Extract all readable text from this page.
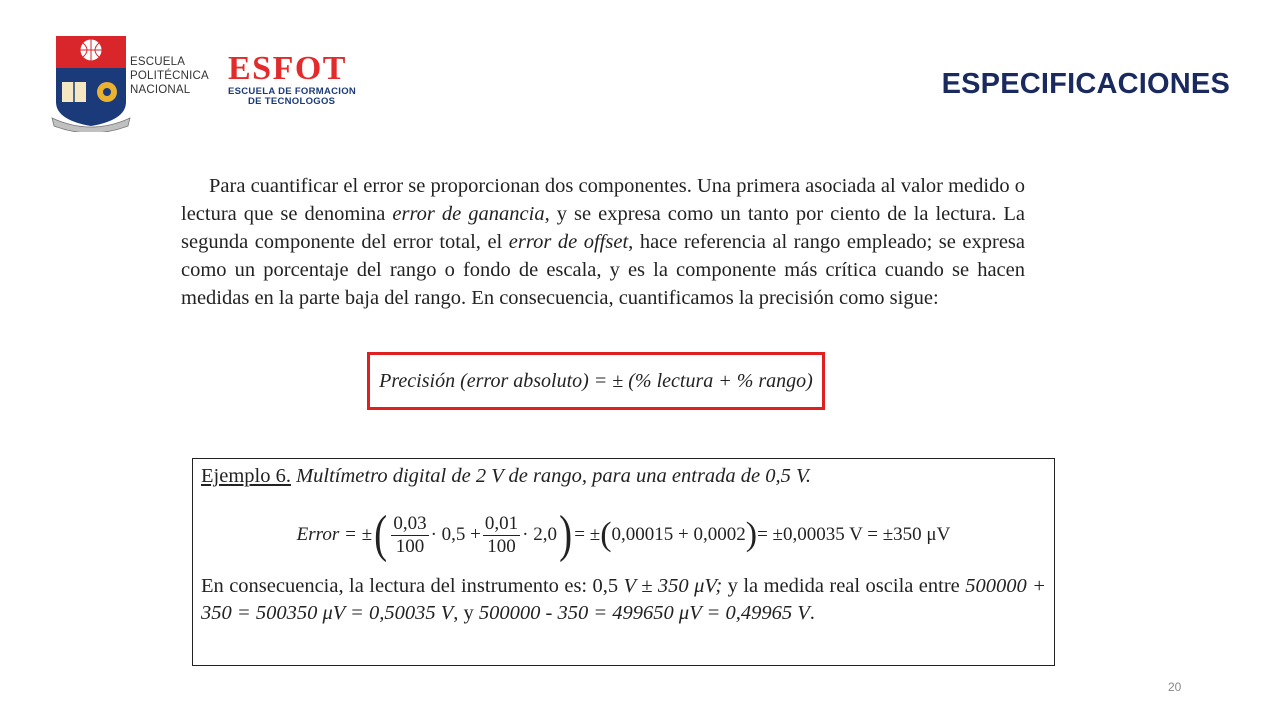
ESCUELA
POLITÉCNICA
NACIONAL
ESFOT
ESCUELA DE FORMACION
DE TECNOLOGOS
ESPECIFICACIONES

Para cuantificar el error se proporcionan dos componentes. Una primera asociada al valor medido o lectura que se denomina error de ganancia, y se expresa como un tanto por ciento de la lectura. La segunda componente del error total, el error de offset, hace referencia al rango empleado; se expresa como un porcentaje del rango o fondo de escala, y es la componente más crítica cuando se hacen medidas en la parte baja del rango. En consecuencia, cuantificamos la precisión como sigue:

Precisión (error absoluto) = ± (% lectura + % rango)
Ejemplo 6. Multímetro digital de 2 V de rango, para una entrada de 0,5 V.
Error = ± ( $\frac{0,03}{100} \cdot 0,5 + \frac{0,01}{100} \cdot 2,0$ ) = ± ( 0,00015 + 0,0002 ) = ±0,00035 V = ±350 μV
En consecuencia, la lectura del instrumento es: 0,5 V ± 350 μV; y la medida real oscila entre 500000 + 350 = 500350 μV = 0,50035 V, y 500000 - 350 = 499650 μV = 0,49965 V.
20
